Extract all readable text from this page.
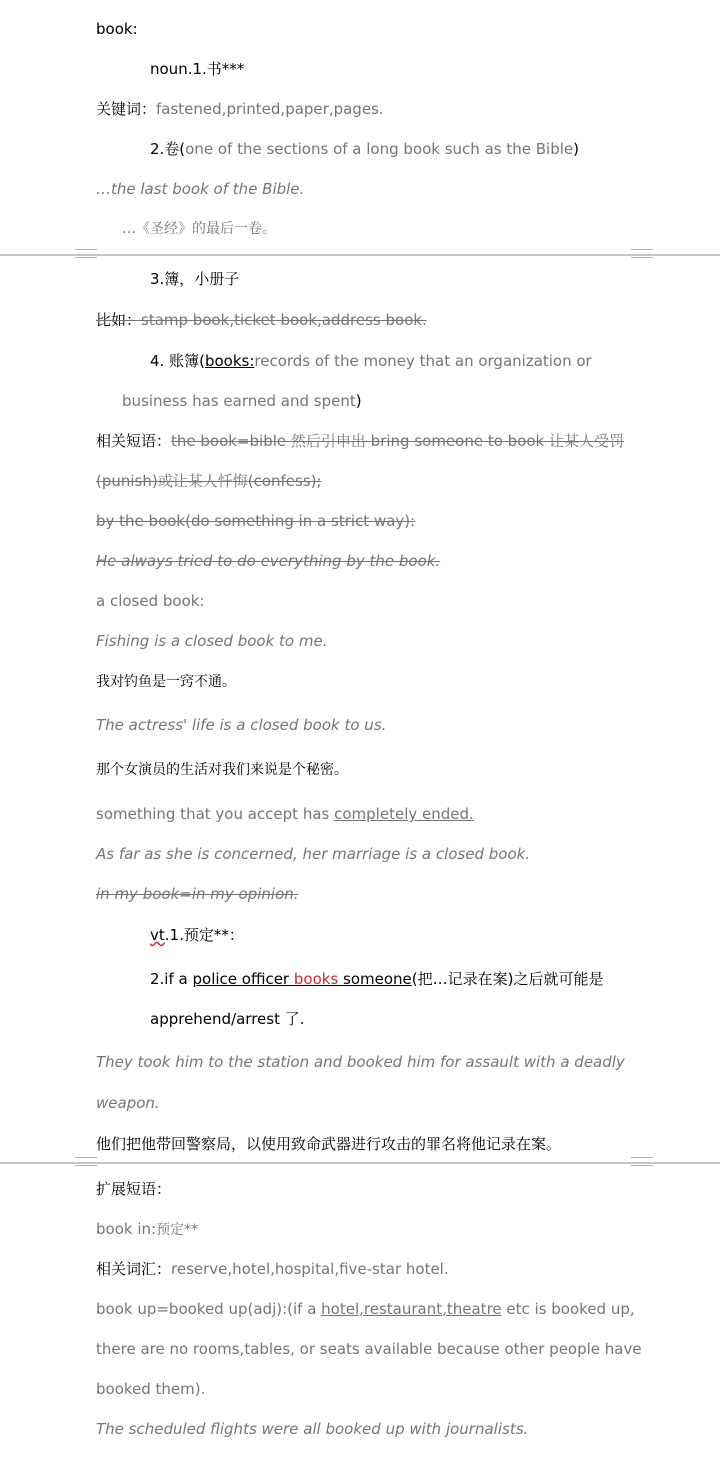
book:
noun.1.书***
关键词：fastened,printed,paper,pages.
2.卷(one of the sections of a long book such as the Bible)
…the last book of the Bible.
…《圣经》的最后一卷。
3.簿，小册子
比如：stamp book,ticket book,address book.
4. 账簿(books:records of the money that an organization or
business has earned and spent)
相关短语：the book=bible 然后引申出 bring someone to book 让某人受罚
(punish)或让某人忏悔(confess);
by the book(do something in a strict way):
He always tried to do everything by the book.
a closed book:
Fishing is a closed book to me.
我对钓鱼是一窍不通。
The actress' life is a closed book to us.
那个女演员的生活对我们来说是个秘密。
something that you accept has completely ended.
As far as she is concerned, her marriage is a closed book.
in my book=in my opinion.
vt.1.预定**：
2.if a police officer books someone(把…记录在案)之后就可能是
apprehend/arrest 了.
They took him to the station and booked him for assault with a deadly
weapon.
他们把他带回警察局，以使用致命武器进行攻击的罪名将他记录在案。
扩展短语：
book in:预定**
相关词汇：reserve,hotel,hospital,five-star hotel.
book up=booked up(adj):(if a hotel,restaurant,theatre etc is booked up,
there are no rooms,tables, or seats available because other people have
booked them).
The scheduled flights were all booked up with journalists.
